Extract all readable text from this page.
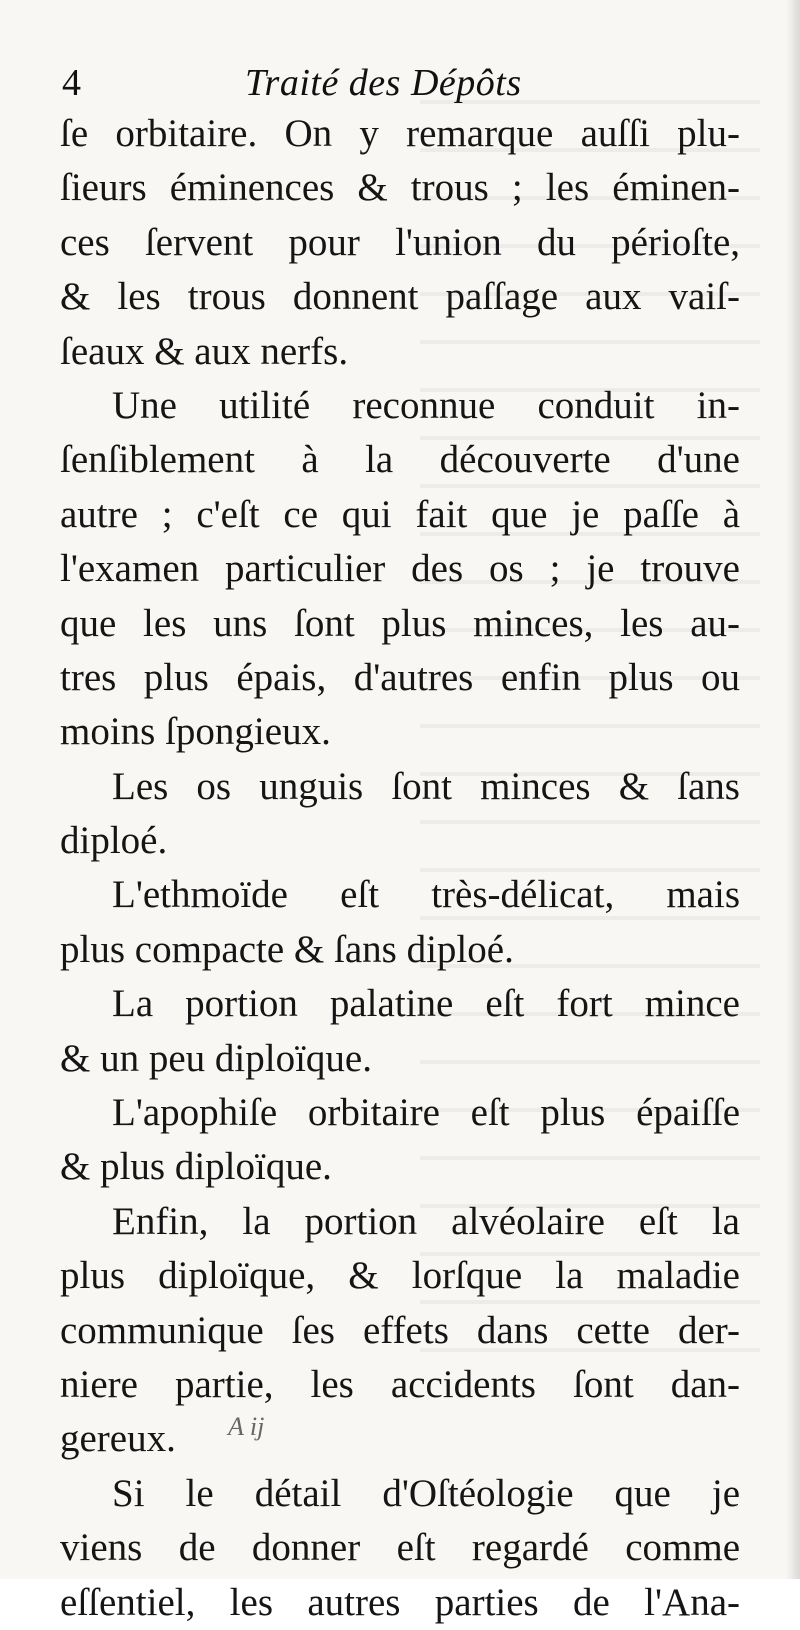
4	Traité des Dépôts
ſe orbitaire. On y remarque auſſi plu-
ſieurs éminences & trous ; les éminen-
ces ſervent pour l'union du périoſte,
& les trous donnent paſſage aux vaiſ-
ſeaux & aux nerfs.
Une utilité reconnue conduit in-
ſenſiblement à la découverte d'une
autre ; c'eſt ce qui fait que je paſſe à
l'examen particulier des os ; je trouve
que les uns ſont plus minces, les au-
tres plus épais, d'autres enfin plus ou
moins ſpongieux.
Les os unguis ſont minces & ſans
diploé.
L'ethmoïde eſt très-délicat, mais
plus compacte & ſans diploé.
La portion palatine eſt fort mince
& un peu diploïque.
L'apophiſe orbitaire eſt plus épaiſſe
& plus diploïque.
Enfin, la portion alvéolaire eſt la
plus diploïque, & lorſque la maladie
communique ſes effets dans cette der-
niere partie, les accidents ſont dan-
gereux.
Si le détail d'Oſtéologie que je
viens de donner eſt regardé comme
eſſentiel, les autres parties de l'Ana-
A ij
